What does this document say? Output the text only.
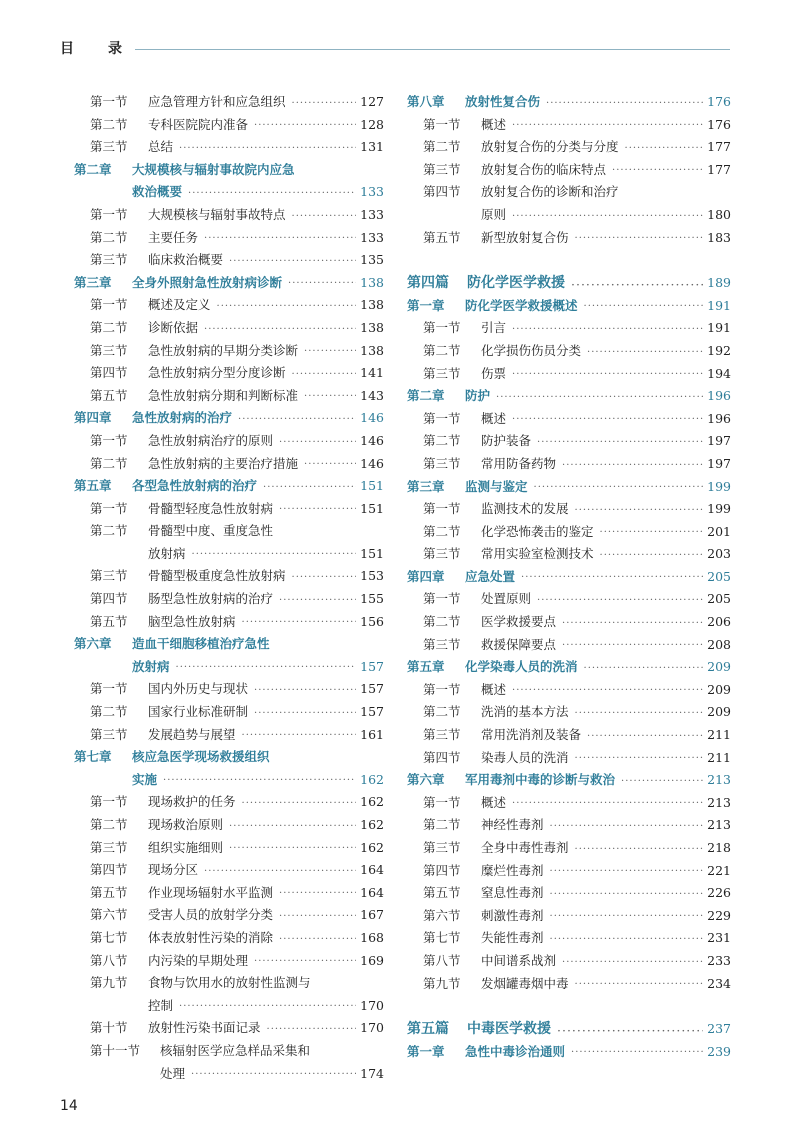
目　录
第一节	应急管理方针和应急组织 ·····	127
第二节	专科医院院内准备 ·····	128
第三节	总结 ·····	131
第二章	大规模核与辐射事故院内应急
救治概要 ·····	133
第一节	大规模核与辐射事故特点 ·····	133
第二节	主要任务 ·····	133
第三节	临床救治概要 ·····	135
第三章	全身外照射急性放射病诊断 ·····	138
第一节	概述及定义 ·····	138
第二节	诊断依据 ·····	138
第三节	急性放射病的早期分类诊断 ·····	138
第四节	急性放射病分型分度诊断 ·····	141
第五节	急性放射病分期和判断标准 ·····	143
第四章	急性放射病的治疗 ·····	146
第一节	急性放射病治疗的原则 ·····	146
第二节	急性放射病的主要治疗措施 ·····	146
第五章	各型急性放射病的治疗 ·····	151
第一节	骨髓型轻度急性放射病 ·····	151
第二节	骨髓型中度、重度急性
放射病 ·····	151
第三节	骨髓型极重度急性放射病 ·····	153
第四节	肠型急性放射病的治疗 ·····	155
第五节	脑型急性放射病 ·····	156
第六章	造血干细胞移植治疗急性
放射病 ·····	157
第一节	国内外历史与现状 ·····	157
第二节	国家行业标准研制 ·····	157
第三节	发展趋势与展望 ·····	161
第七章	核应急医学现场救援组织
实施 ·····	162
第一节	现场救护的任务 ·····	162
第二节	现场救治原则 ·····	162
第三节	组织实施细则 ·····	162
第四节	现场分区 ·····	164
第五节	作业现场辐射水平监测 ·····	164
第六节	受害人员的放射学分类 ·····	167
第七节	体表放射性污染的消除 ·····	168
第八节	内污染的早期处理 ·····	169
第九节	食物与饮用水的放射性监测与
控制 ·····	170
第十节	放射性污染书面记录 ·····	170
第十一节	核辐射医学应急样品采集和
处理 ·····	174
第八章	放射性复合伤 ·····	176
第一节	概述 ·····	176
第二节	放射复合伤的分类与分度 ·····	177
第三节	放射复合伤的临床特点 ·····	177
第四节	放射复合伤的诊断和治疗
原则 ·····	180
第五节	新型放射复合伤 ·····	183
第四篇	防化学医学救援 ·····	189
第一章	防化学医学救援概述 ·····	191
第一节	引言 ·····	191
第二节	化学损伤伤员分类 ·····	192
第三节	伤票 ·····	194
第二章	防护 ·····	196
第一节	概述 ·····	196
第二节	防护装备 ·····	197
第三节	常用防备药物 ·····	197
第三章	监测与鉴定 ·····	199
第一节	监测技术的发展 ·····	199
第二节	化学恐怖袭击的鉴定 ·····	201
第三节	常用实验室检测技术 ·····	203
第四章	应急处置 ·····	205
第一节	处置原则 ·····	205
第二节	医学救援要点 ·····	206
第三节	救援保障要点 ·····	208
第五章	化学染毒人员的洗消 ·····	209
第一节	概述 ·····	209
第二节	洗消的基本方法 ·····	209
第三节	常用洗消剂及装备 ·····	211
第四节	染毒人员的洗消 ·····	211
第六章	军用毒剂中毒的诊断与救治 ·····	213
第一节	概述 ·····	213
第二节	神经性毒剂 ·····	213
第三节	全身中毒性毒剂 ·····	218
第四节	糜烂性毒剂 ·····	221
第五节	窒息性毒剂 ·····	226
第六节	刺激性毒剂 ·····	229
第七节	失能性毒剂 ·····	231
第八节	中间谱系战剂 ·····	233
第九节	发烟罐毒烟中毒 ·····	234
第五篇	中毒医学救援 ·····	237
第一章	急性中毒诊治通则 ·····	239
14
